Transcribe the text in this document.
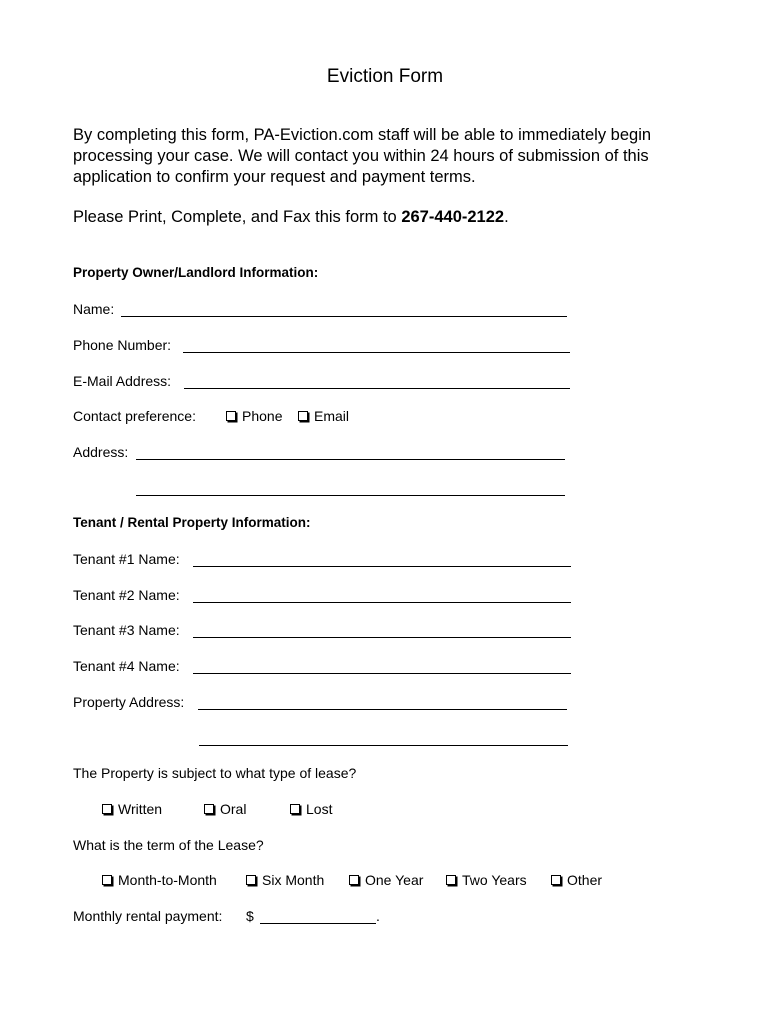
Eviction Form
By completing this form, PA-Eviction.com staff will be able to immediately begin processing your case. We will contact you within 24 hours of submission of this application to confirm your request and payment terms.
Please Print, Complete, and Fax this form to 267-440-2122.
Property Owner/Landlord Information:
Name:
Phone Number:
E-Mail Address:
Contact preference:	Phone	Email
Address:
Tenant / Rental Property Information:
Tenant #1 Name:
Tenant #2 Name:
Tenant #3 Name:
Tenant #4 Name:
Property Address:
The Property is subject to what type of lease?
Written	Oral	Lost
What is the term of the Lease?
Month-to-Month	Six Month	One Year	Two Years	Other
Monthly rental payment: $	.
